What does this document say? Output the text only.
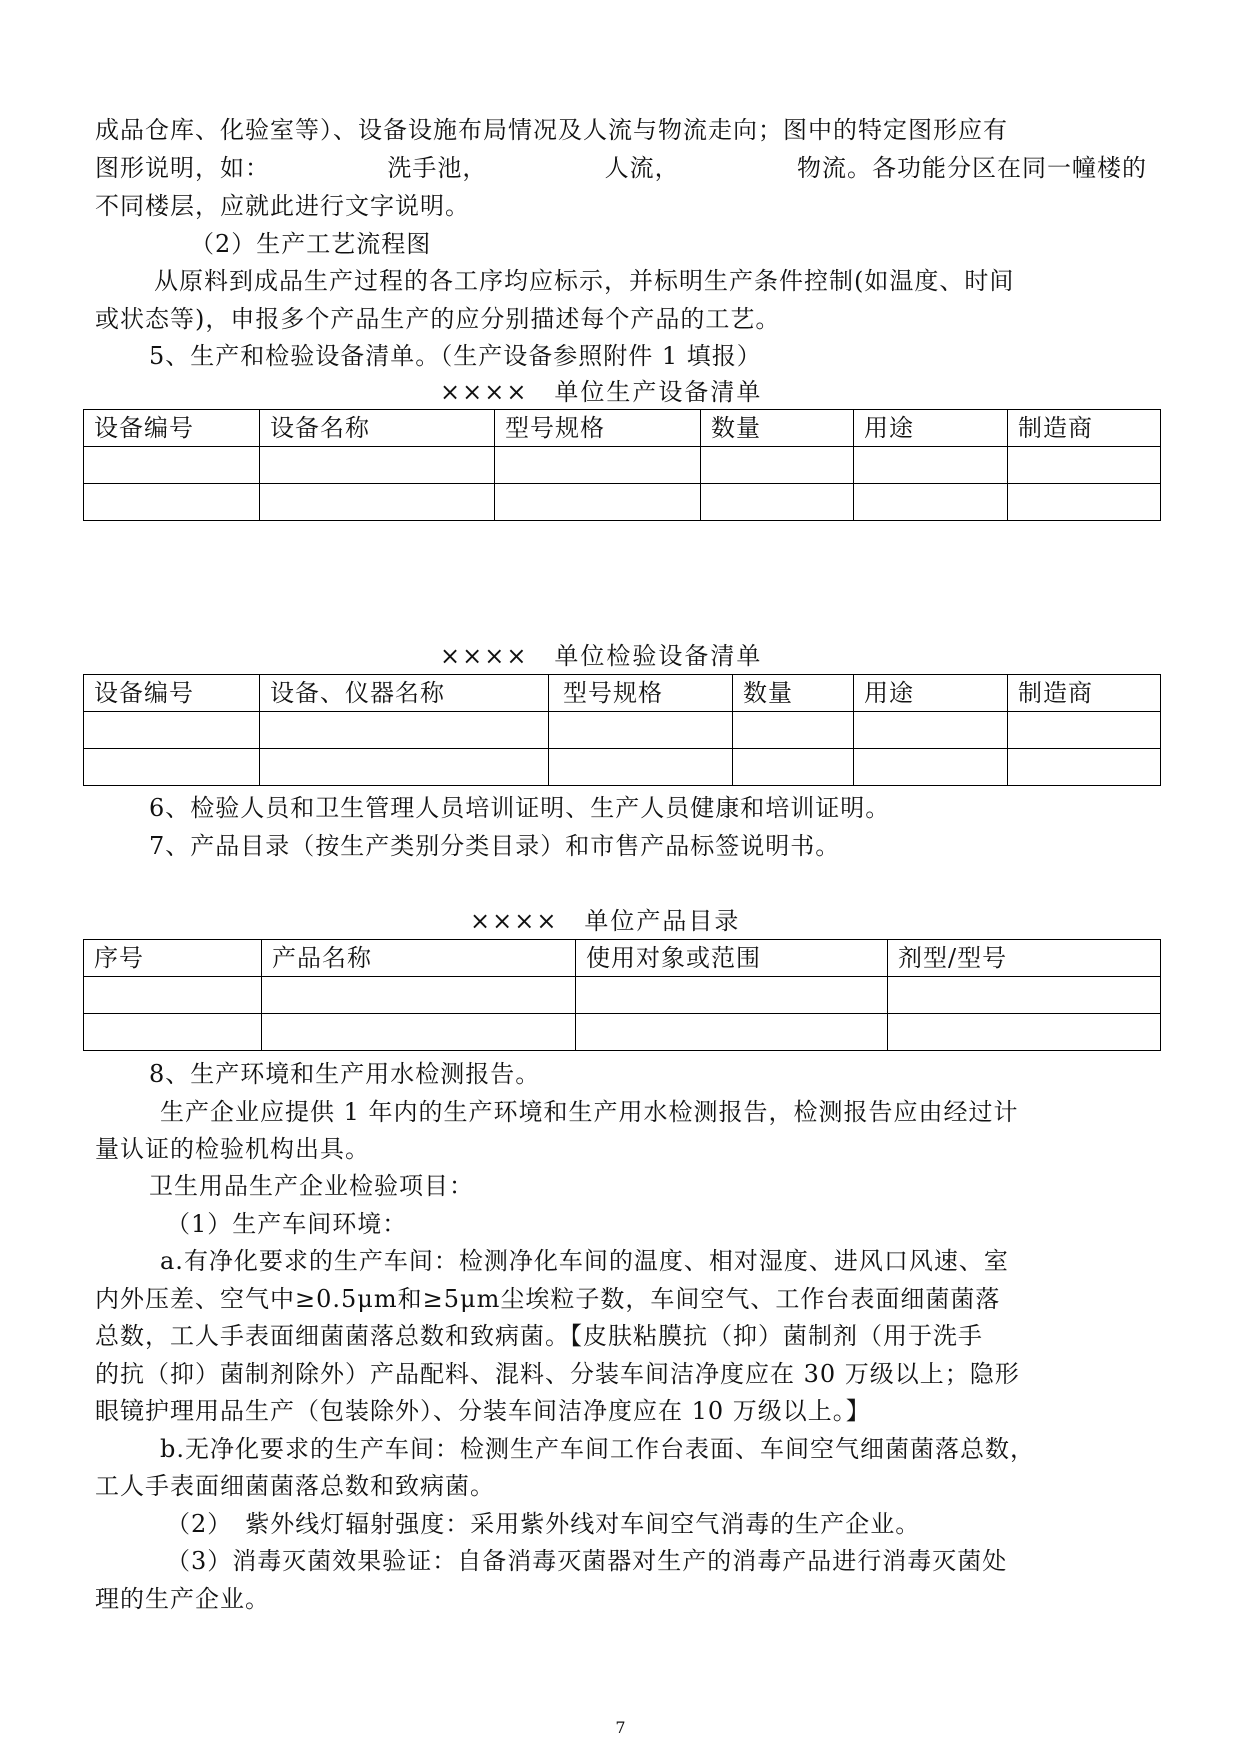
成品仓库、化验室等）、设备设施布局情况及人流与物流走向；图中的特定图形应有
图形说明，如：	洗手池，	人流，	物流。各功能分区在同一幢楼的
不同楼层，应就此进行文字说明。
（2）生产工艺流程图
从原料到成品生产过程的各工序均应标示，并标明生产条件控制(如温度、时间
或状态等)，申报多个产品生产的应分别描述每个产品的工艺。
5、生产和检验设备清单。（生产设备参照附件 1 填报）
××××　单位生产设备清单
设备编号	设备名称	型号规格	数量	用途	制造商

××××　单位检验设备清单
设备编号	设备、仪器名称	型号规格	数量	用途	制造商

6、检验人员和卫生管理人员培训证明、生产人员健康和培训证明。
7、产品目录（按生产类别分类目录）和市售产品标签说明书。
××××　单位产品目录
序号	产品名称	使用对象或范围	剂型/型号

8、生产环境和生产用水检测报告。
生产企业应提供 1 年内的生产环境和生产用水检测报告，检测报告应由经过计
量认证的检验机构出具。
卫生用品生产企业检验项目：
（1）生产车间环境：
a.有净化要求的生产车间：检测净化车间的温度、相对湿度、进风口风速、室
内外压差、空气中≥0.5μm和≥5μm尘埃粒子数，车间空气、工作台表面细菌菌落
总数，工人手表面细菌菌落总数和致病菌。【皮肤粘膜抗（抑）菌制剂（用于洗手
的抗（抑）菌制剂除外）产品配料、混料、分装车间洁净度应在 30 万级以上；隐形
眼镜护理用品生产（包装除外）、分装车间洁净度应在 10 万级以上。】
b.无净化要求的生产车间：检测生产车间工作台表面、车间空气细菌菌落总数，
工人手表面细菌菌落总数和致病菌。
（2）　紫外线灯辐射强度：采用紫外线对车间空气消毒的生产企业。
（3）消毒灭菌效果验证：自备消毒灭菌器对生产的消毒产品进行消毒灭菌处
理的生产企业。
7
